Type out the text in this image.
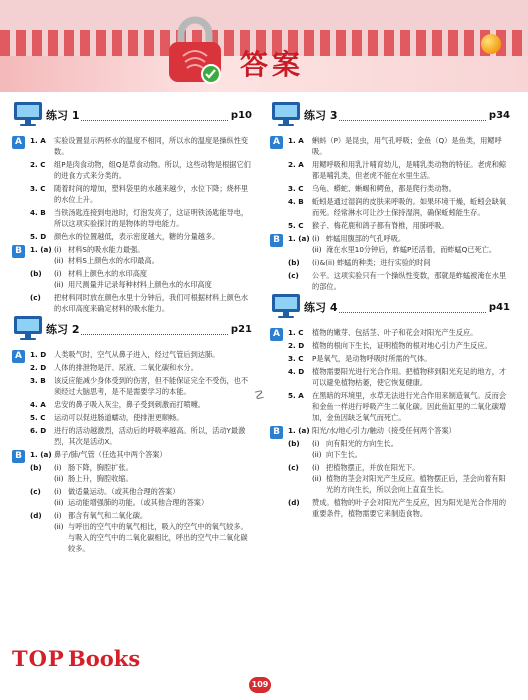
答案
练习 1	p10
A	1. A 实验设置显示两杯水的温度不相同，所以水的温度是操纵性变数。
2. C 组P是肉食动物，组Q是草食动物。所以，这些动物是根据它们的进食方式来分类的。
3. C 随着时间的增加，塑料袋里的水越来越少，水位下降；烧杯里的水位上升。
4. B 当铁汤匙连接到电池时，灯泡发亮了，这证明铁汤匙能导电，所以这项实验探讨的是物体的导电能力。
5. D 颜色水的位置越低，表示密度越大，糖的分量越多。
B	1. (a) (i) 材料S的吸水能力最强。
(ii) 材料S上颜色水的水印最高。
(b) (i) 材料上颜色水的水印高度
(ii) 用尺测量并记录每种材料上颜色水的水印高度
(c) 把材料同时放在颜色水里十分钟后，我们可根据材料上颜色水的水印高度来确定材料的吸水能力。
练习 2	p21
A	1. D 人类吸气时，空气从鼻子进入，经过气管后到达肺。
2. D 人体的排泄物是汗、尿液、二氧化碳和水分。
3. B 该反应能减少身体受到的伤害，但不能保证完全不受伤，也不须经过大脑思考，是不是需要学习的本能。
4. A 忠安的鼻子吸入灰尘，鼻子受到刺激而打喷嚏。
5. C 运动可以促进肠道蠕动，使排泄更顺畅。
6. D 进行的活动越激烈，活动后的呼吸率越高。所以，活动Y最激烈，其次是活动X。
B	1. (a) 鼻子/肺/气管（任选其中两个答案）
(b) (i) 肠下降，胸腔扩张。
(ii) 肠上升，胸腔收缩。
(c) (i) 做适量运动。（或其他合理的答案）
(ii) 运动能增强肺的功能。（或其他合理的答案）
(d) (i) 都含有氧气和二氧化碳。
(ii) 与呼出的空气中的氧气相比，吸入的空气中的氧气较多。与吸入的空气中的二氧化碳相比，呼出的空气中二氧化碳较多。
练习 3	p34
A	1. A 蝌蚪（P）是昆虫，用气孔呼吸；金鱼（Q）是鱼类，用鳃呼吸。
2. A 用鳃呼吸和用乳汁哺育幼儿，是哺乳类动物的特征。老虎和鲸都是哺乳类，但老虎不能在水里生活。
3. C 乌龟、蟒蛇、蜥蜴和鳄鱼，都是爬行类动物。
4. B 蚯蚓是通过湿润的皮肤来呼吸的。如果环境干燥，蚯蚓会缺氧而死。经常淋水可让沙土保持湿润，确保蚯蚓能生存。
5. C 猴子、梅花鹿和鸽子都有脊椎，用肺呼吸。
B	1. (a) (i) 蚱蜢用腹部的气孔呼吸。
(ii) 淹在水里10分钟后，蚱蜢P还活着，而蚱蜢Q已死亡。
(b) (i)&(ii) 蚱蜢的种类；进行实验的时间
(c) 公平。这项实验只有一个操纵性变数，那就是蚱蜢被淹在水里的部位。
练习 4	p41
A	1. C 植物的嫩芽、包括茎、叶子和花会对阳光产生反应。
2. D 植物的根向下生长，证明植物的根对地心引力产生反应。
3. C P是氧气，是动物呼吸时所需的气体。
4. D 植物需要阳光进行光合作用。把植物移到阳光充足的地方，才可以避免植物枯萎，使它恢复健康。
5. A 在黑暗的环境里，水草无法进行光合作用来制造氧气。反而会和金鱼一样进行呼吸产生二氧化碳。因此鱼缸里的二氧化碳增加，金鱼因缺乏氧气而死亡。
B	1. (a) 阳光/水/地心引力/触动（接受任何两个答案）
(b) (i) 向有阳光的方向生长。
(ii) 向下生长。
(c) (i) 把植物摆正，并放在阳光下。
(ii) 植物的茎会对阳光产生反应。植物摆正后，茎会向着有阳光的方向生长，所以会向上直直生长。
(d) 赞成。植物的叶子会对阳光产生反应，因为阳光是光合作用的重要条件，植物需要它来制造食物。
☡
TOP Books
109
